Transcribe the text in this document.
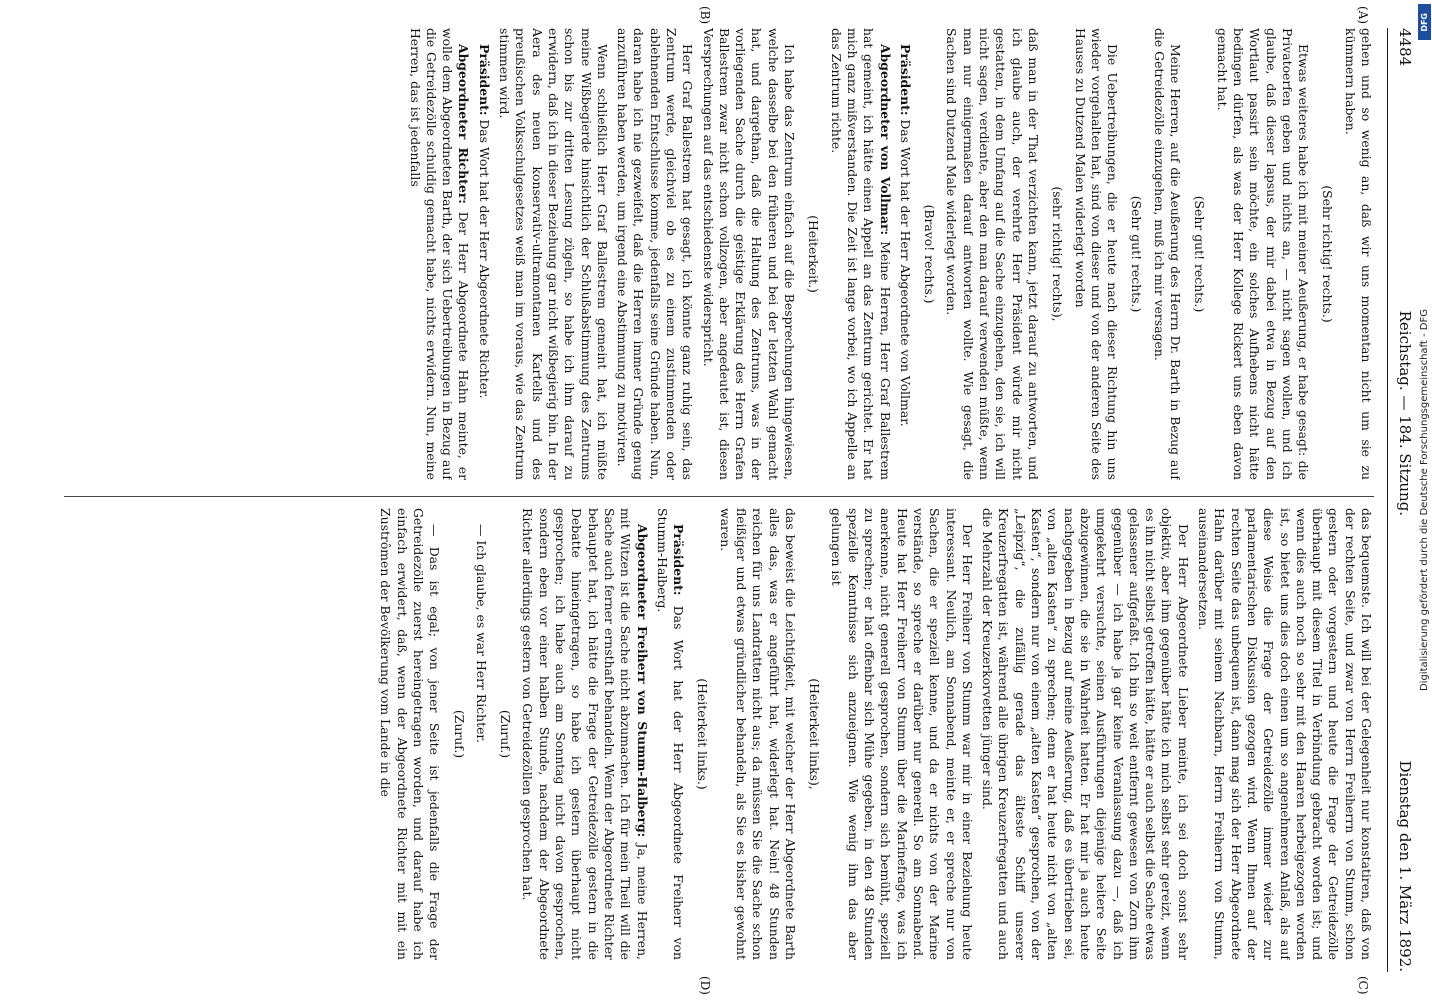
4484
Reichstag. — 184. Sitzung.
Dienstag den 1. März 1892.

gehen und so wenig an, daß wir uns momentan nicht um sie zu kümmern haben.

(Sehr richtig! rechts.)

Etwas weiteres habe ich mit meiner Aeußerung, er habe gesagt: die Privatoerfen geben und nichts an, — nicht sagen wollen, und ich glaube, daß dieser lapsus, der mir dabei etwa in Bezug auf den Wortlaut passirt sein möchte, ein solches Aufhebens nicht hätte bedingen dürfen, als was der Herr Kollege Rickert uns eben davon gemacht hat.

(Sehr gut! rechts.)

Meine Herren, auf die Aeußerung des Herrn Dr. Barth in Bezug auf die Getreidezölle einzugehen, muß ich mir versagen.

(Sehr gut! rechts.)

Die Uebertreibungen, die er heute nach dieser Richtung hin uns wieder vorgehalten hat, sind von dieser und von der anderen Seite des Hauses zu Dutzend Malen widerlegt worden

(sehr richtig! rechts),

daß man in der That verzichten kann, jetzt darauf zu antworten, und ich glaube auch, der verehrte Herr Präsident würde mir nicht gestatten, in dem Umfang auf die Sache einzugehen, den sie, ich will nicht sagen, verdiente, aber den man darauf verwenden müßte, wenn man nur einigermaßen darauf antworten wollte. Wie gesagt, die Sachen sind Dutzend Male widerlegt worden.

(Bravo! rechts.)

Präsident: Das Wort hat der Herr Abgeordnete von Vollmar.

Abgeordneter von Vollmar: Meine Herren, Herr Graf Ballestrem hat gemeint, ich hätte einen Appell an das Zentrum gerichtet. Er hat mich ganz mißverstanden. Die Zeit ist lange vorbei, wo ich Appelle an das Zentrum richte.

(Heiterkeit.)

Ich habe das Zentrum einfach auf die Besprechungen hingewiesen, welche dasselbe bei den früheren und bei der letzten Wahl gemacht hat, und dargethan, daß die Haltung des Zentrums, was in der vorliegenden Sache durch die geistige Erklärung des Herrn Grafen Ballestrem zwar nicht schon vollzogen, aber angedeutet ist, diesen Versprechungen auf das entschiedenste widerspricht.

Herr Graf Ballestrem hat gesagt, ich könnte ganz ruhig sein, das Zentrum werde, gleichviel ob es zu einem zustimmenden oder ablehnenden Entschlusse komme, jedenfalls seine Gründe haben. Nun, daran habe ich nie gezweifelt, daß die Herren immer Gründe genug anzuführen haben werden, um irgend eine Abstimmung zu motiviren.

Wenn schließlich Herr Graf Ballestrem gemeint hat, ich müßte meine Wißbegierde hinsichtlich der Schlußabstimmung des Zentrums schon bis zur dritten Lesung zügeln, so habe ich ihm darauf zu erwidern, daß ich in dieser Beziehung gar nicht wißbegierig bin. In der Aera des neuen konservativ-ultramontanen Kartells und des preußischen Volksschulgesetzes weiß man im voraus, wie das Zentrum stimmen wird.

Präsident: Das Wort hat der Herr Abgeordnete Richter.

Abgeordneter Richter: Der Herr Abgeordnete Hahn meinte, er wolle dem Abgeordneten Barth, der sich Uebertreibungen in Bezug auf die Getreidezölle schuldig gemacht habe, nichts erwidern. Nun, meine Herren, das ist jedenfalls

das bequemste. Ich will bei der Gelegenheit nur konstatiren, daß von der rechten Seite, und zwar von Herrn Freiherrn von Stumm, schon gestern oder vorgestern und heute die Frage der Getreidezölle überhaupt mit diesem Titel in Verbindung gebracht worden ist; und wenn dies auch noch so sehr mit den Haaren herbeigezogen worden ist, so bietet uns dies doch einen um so angenehmeren Anlaß, als auf diese Weise die Frage der Getreidezölle immer wieder zur parlamentarischen Diskussion gezogen wird. Wenn Ihnen auf der rechten Seite das unbequem ist, dann mag sich der Herr Abgeordnete Hahn darüber mit seinem Nachbarn, Herrn Freiherrn von Stumm, auseinandersetzen.

Der Herr Abgeordnete Lieber meinte, ich sei doch sonst sehr objektiv, aber ihm gegenüber hätte ich mich selbst sehr gereizt, wenn es ihn nicht selbst getroffen hätte, hätte er auch selbst die Sache etwas gelassener aufgefaßt. Ich bin so weit entfernt gewesen von Zorn ihm gegenüber — ich habe ja gar keine Veranlassung dazu —, daß ich umgekehrt versuchte, seinen Ausführungen diejenige heitere Seite abzugewinnen, die sie in Wahrheit hatten. Er hat mir ja auch heute nachgegeben in Bezug auf meine Aeußerung, daß es übertrieben sei, von „alten Kasten“ zu sprechen; denn er hat heute nicht von „alten Kasten“, sondern nur von einem „alten Kasten“ gesprochen, von der „Leipzig“, die zufällig gerade das älteste Schiff unserer Kreuzerfregatten ist, während alle übrigen Kreuzerfregatten und auch die Mehrzahl der Kreuzerkorvetten jünger sind.

Der Herr Freiherr von Stumm war mir in einer Beziehung heute interessant. Neulich, am Sonnabend, meinte er, er spreche nur von Sachen, die er speziell kenne, und da er nichts von der Marine verstände, so spreche er darüber nur generell. So am Sonnabend. Heute hat Herr Freiherr von Stumm über die Marinefrage, was ich anerkenne, nicht generell gesprochen, sondern sich bemüht, speziell zu sprechen; er hat offenbar sich Mühe gegeben, in den 48 Stunden spezielle Kenntnisse sich anzueignen. Wie wenig ihm das aber gelungen ist

(Heiterkeit links),

das beweist die Leichtigkeit, mit welcher der Herr Abgeordnete Barth alles das, was er angeführt hat, widerlegt hat. Nein! 48 Stunden reichen für uns Landratten nicht aus; da müssen Sie die Sache schon fleißiger und etwas gründlicher behandeln, als Sie es bisher gewohnt waren.

(Heiterkeit links.)

Präsident: Das Wort hat der Herr Abgeordnete Freiherr von Stumm-Halberg.

Abgeordneter Freiherr von Stumm-Halberg: Ja, meine Herren, mit Witzen ist die Sache nicht abzumachen. Ich für mein Theil will die Sache auch ferner ernsthaft behandeln. Wenn der Abgeordnete Richter behauptet hat, ich hätte die Frage der Getreidezölle gestern in die Debatte hineingetragen, so habe ich gestern überhaupt nicht gesprochen; ich habe auch am Sonntag nicht davon gesprochen, sondern eben vor einer halben Stunde, nachdem der Abgeordnete Richter allerdings gestern von Getreidezöllen gesprochen hat.

(Zuruf.)

— Ich glaube, es war Herr Richter.

(Zuruf.)

— Das ist egal; von jener Seite ist jedenfalls die Frage der Getreidezölle zuerst hereingetragen worden, und darauf habe ich einfach erwidert, daß, wenn der Abgeordnete Richter mit mit ein Zustrômen der Bevölkerung vom Lande in die

(A)
(B)
(C)
(D)
DFG
Digitalisierung gefördert durch die Deutsche Forschungsgemeinschaft - DFG
